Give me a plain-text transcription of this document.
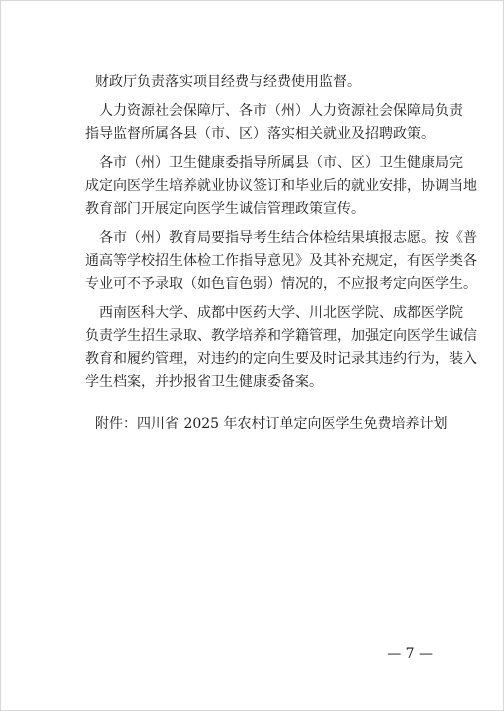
财政厅负责落实项目经费与经费使用监督。
人力资源社会保障厅、各市（州）人力资源社会保障局负责
指导监督所属各县（市、区）落实相关就业及招聘政策。
各市（州）卫生健康委指导所属县（市、区）卫生健康局完
成定向医学生培养就业协议签订和毕业后的就业安排，协调当地
教育部门开展定向医学生诚信管理政策宣传。
各市（州）教育局要指导考生结合体检结果填报志愿。按《普
通高等学校招生体检工作指导意见》及其补充规定，有医学类各
专业可不予录取（如色盲色弱）情况的，不应报考定向医学生。
西南医科大学、成都中医药大学、川北医学院、成都医学院
负责学生招生录取、教学培养和学籍管理，加强定向医学生诚信
教育和履约管理，对违约的定向生要及时记录其违约行为，装入
学生档案，并抄报省卫生健康委备案。
附件：四川省 2025 年农村订单定向医学生免费培养计划
— 7 —
